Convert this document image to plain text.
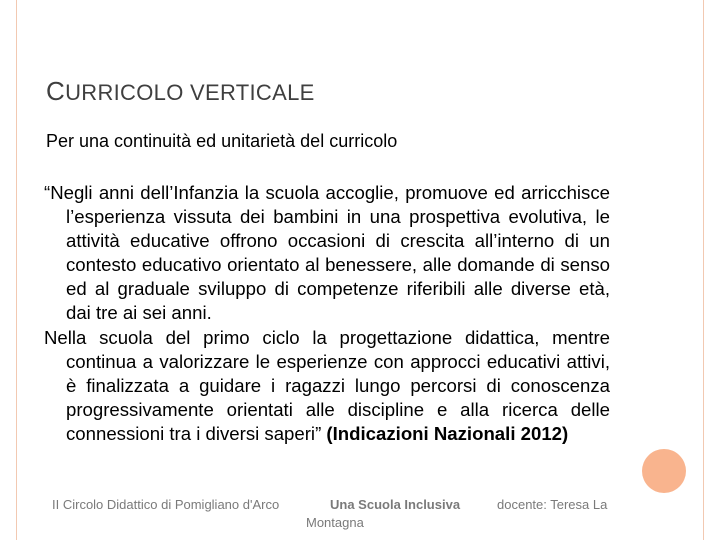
CURRICOLO VERTICALE
Per una continuità ed unitarietà del curricolo

“Negli anni dell’Infanzia la scuola accoglie, promuove ed arricchisce l’esperienza vissuta dei bambini in una prospettiva evolutiva, le attività educative offrono occasioni di crescita all’interno di un contesto educativo orientato al benessere, alle domande di senso ed al graduale sviluppo di competenze riferibili alle diverse età, dai tre ai sei anni.

Nella scuola del primo ciclo la progettazione didattica, mentre continua a valorizzare le esperienze con approcci educativi attivi, è finalizzata a guidare i ragazzi lungo percorsi di conoscenza progressivamente orientati alle discipline e alla ricerca delle connessioni tra i diversi saperi” (Indicazioni Nazionali 2012)

II Circolo Didattico di Pomigliano d'Arco	Una Scuola Inclusiva	docente: Teresa La
Montagna
